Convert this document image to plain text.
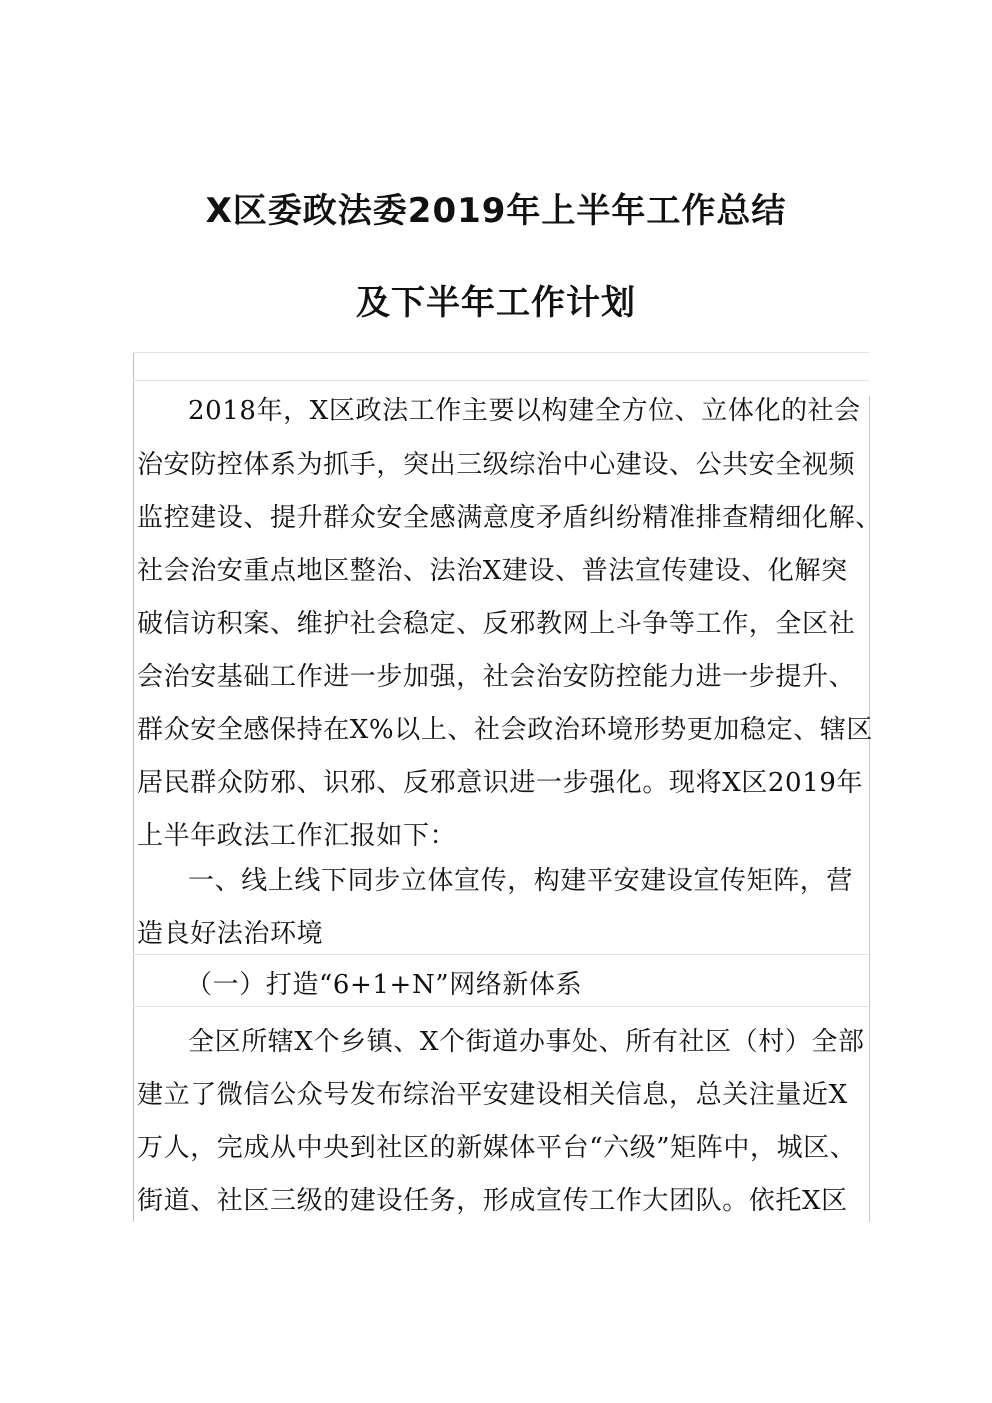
X区委政法委2019年上半年工作总结
及下半年工作计划
2018年，X区政法工作主要以构建全方位、立体化的社会
治安防控体系为抓手，突出三级综治中心建设、公共安全视频
监控建设、提升群众安全感满意度矛盾纠纷精准排查精细化解、
社会治安重点地区整治、法治X建设、普法宣传建设、化解突
破信访积案、维护社会稳定、反邪教网上斗争等工作，全区社
会治安基础工作进一步加强，社会治安防控能力进一步提升、
群众安全感保持在X%以上、社会政治环境形势更加稳定、辖区
居民群众防邪、识邪、反邪意识进一步强化。现将X区2019年
上半年政法工作汇报如下：
一、线上线下同步立体宣传，构建平安建设宣传矩阵，营
造良好法治环境
（一）打造“6+1+N”网络新体系
全区所辖X个乡镇、X个街道办事处、所有社区（村）全部
建立了微信公众号发布综治平安建设相关信息，总关注量近X
万人，完成从中央到社区的新媒体平台“六级”矩阵中，城区、
街道、社区三级的建设任务，形成宣传工作大团队。依托X区
